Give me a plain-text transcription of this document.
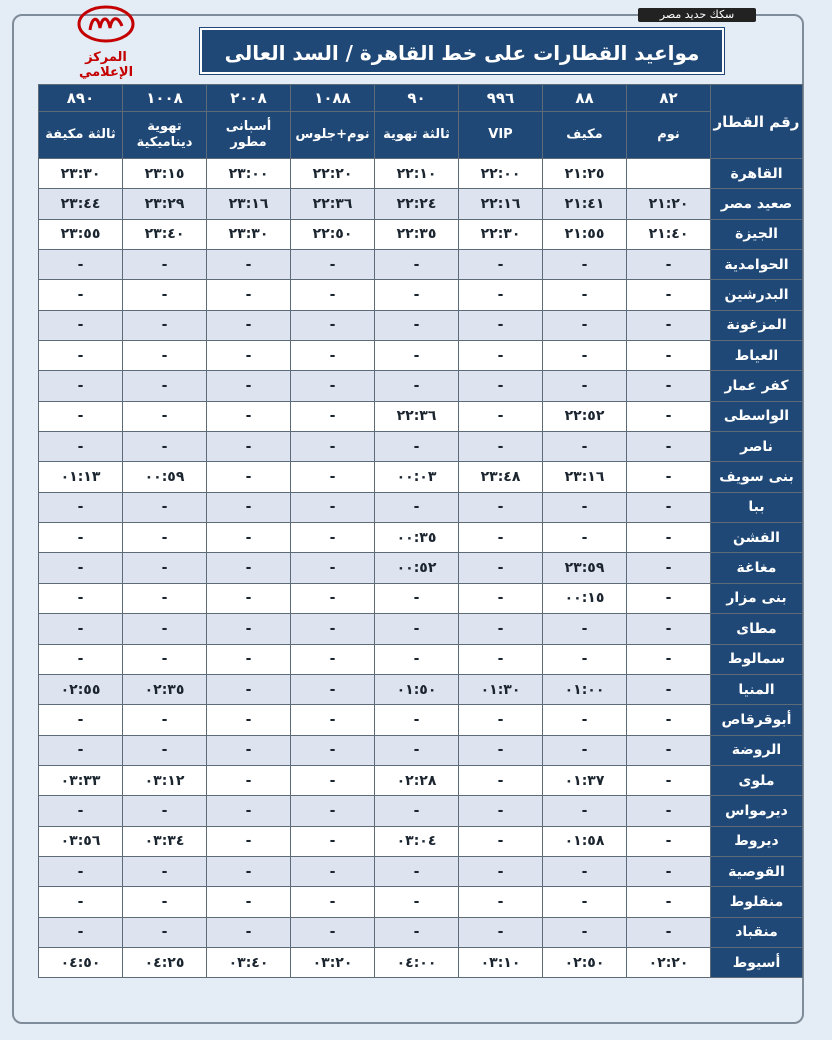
سكك حديد مصر
المركز الإعلامي
مواعيد القطارات على خط القاهرة / السد العالى
رقم القطار	٨٢	٨٨	٩٩٦	٩٠	١٠٨٨	٢٠٠٨	١٠٠٨	٨٩٠
	نوم	مكيف	VIP	ثالثة تهوية	نوم+جلوس	أسبانى مطور	تهوية ديناميكية	ثالثة مكيفة
القاهرة		٢١:٢٥	٢٢:٠٠	٢٢:١٠	٢٢:٢٠	٢٣:٠٠	٢٣:١٥	٢٣:٣٠
صعيد مصر	٢١:٢٠	٢١:٤١	٢٢:١٦	٢٢:٢٤	٢٢:٣٦	٢٣:١٦	٢٣:٢٩	٢٣:٤٤
الجيزة	٢١:٤٠	٢١:٥٥	٢٢:٣٠	٢٢:٣٥	٢٢:٥٠	٢٣:٣٠	٢٣:٤٠	٢٣:٥٥
الحوامدية	-	-	-	-	-	-	-	-
البدرشين	-	-	-	-	-	-	-	-
المزغونة	-	-	-	-	-	-	-	-
العياط	-	-	-	-	-	-	-	-
كفر عمار	-	-	-	-	-	-	-	-
الواسطى	-	٢٢:٥٢	-	٢٢:٣٦	-	-	-	-
ناصر	-	-	-	-	-	-	-	-
بنى سويف	-	٢٣:١٦	٢٣:٤٨	٠٠:٠٣	-	-	٠٠:٥٩	٠١:١٣
ببا	-	-	-	-	-	-	-	-
الفشن	-	-	-	٠٠:٣٥	-	-	-	-
مغاغة	-	٢٣:٥٩	-	٠٠:٥٢	-	-	-	-
بنى مزار	-	٠٠:١٥	-	-	-	-	-	-
مطاى	-	-	-	-	-	-	-	-
سمالوط	-	-	-	-	-	-	-	-
المنيا	-	٠١:٠٠	٠١:٣٠	٠١:٥٠	-	-	٠٢:٣٥	٠٢:٥٥
أبوقرقاص	-	-	-	-	-	-	-	-
الروضة	-	-	-	-	-	-	-	-
ملوى	-	٠١:٣٧	-	٠٢:٢٨	-	-	٠٣:١٢	٠٣:٣٣
ديرمواس	-	-	-	-	-	-	-	-
ديروط	-	٠١:٥٨	-	٠٣:٠٤	-	-	٠٣:٣٤	٠٣:٥٦
القوصية	-	-	-	-	-	-	-	-
منفلوط	-	-	-	-	-	-	-	-
منقباد	-	-	-	-	-	-	-	-
أسيوط	٠٢:٢٠	٠٢:٥٠	٠٣:١٠	٠٤:٠٠	٠٣:٢٠	٠٣:٤٠	٠٤:٢٥	٠٤:٥٠
